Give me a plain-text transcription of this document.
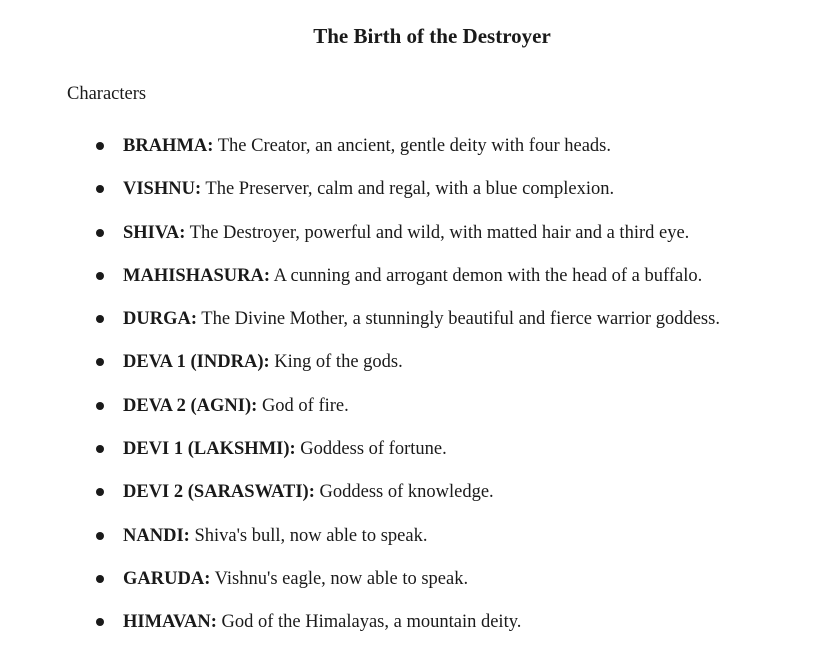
The Birth of the Destroyer
Characters
BRAHMA: The Creator, an ancient, gentle deity with four heads.
VISHNU: The Preserver, calm and regal, with a blue complexion.
SHIVA: The Destroyer, powerful and wild, with matted hair and a third eye.
MAHISHASURA: A cunning and arrogant demon with the head of a buffalo.
DURGA: The Divine Mother, a stunningly beautiful and fierce warrior goddess.
DEVA 1 (INDRA): King of the gods.
DEVA 2 (AGNI): God of fire.
DEVI 1 (LAKSHMI): Goddess of fortune.
DEVI 2 (SARASWATI): Goddess of knowledge.
NANDI: Shiva's bull, now able to speak.
GARUDA: Vishnu's eagle, now able to speak.
HIMAVAN: God of the Himalayas, a mountain deity.
